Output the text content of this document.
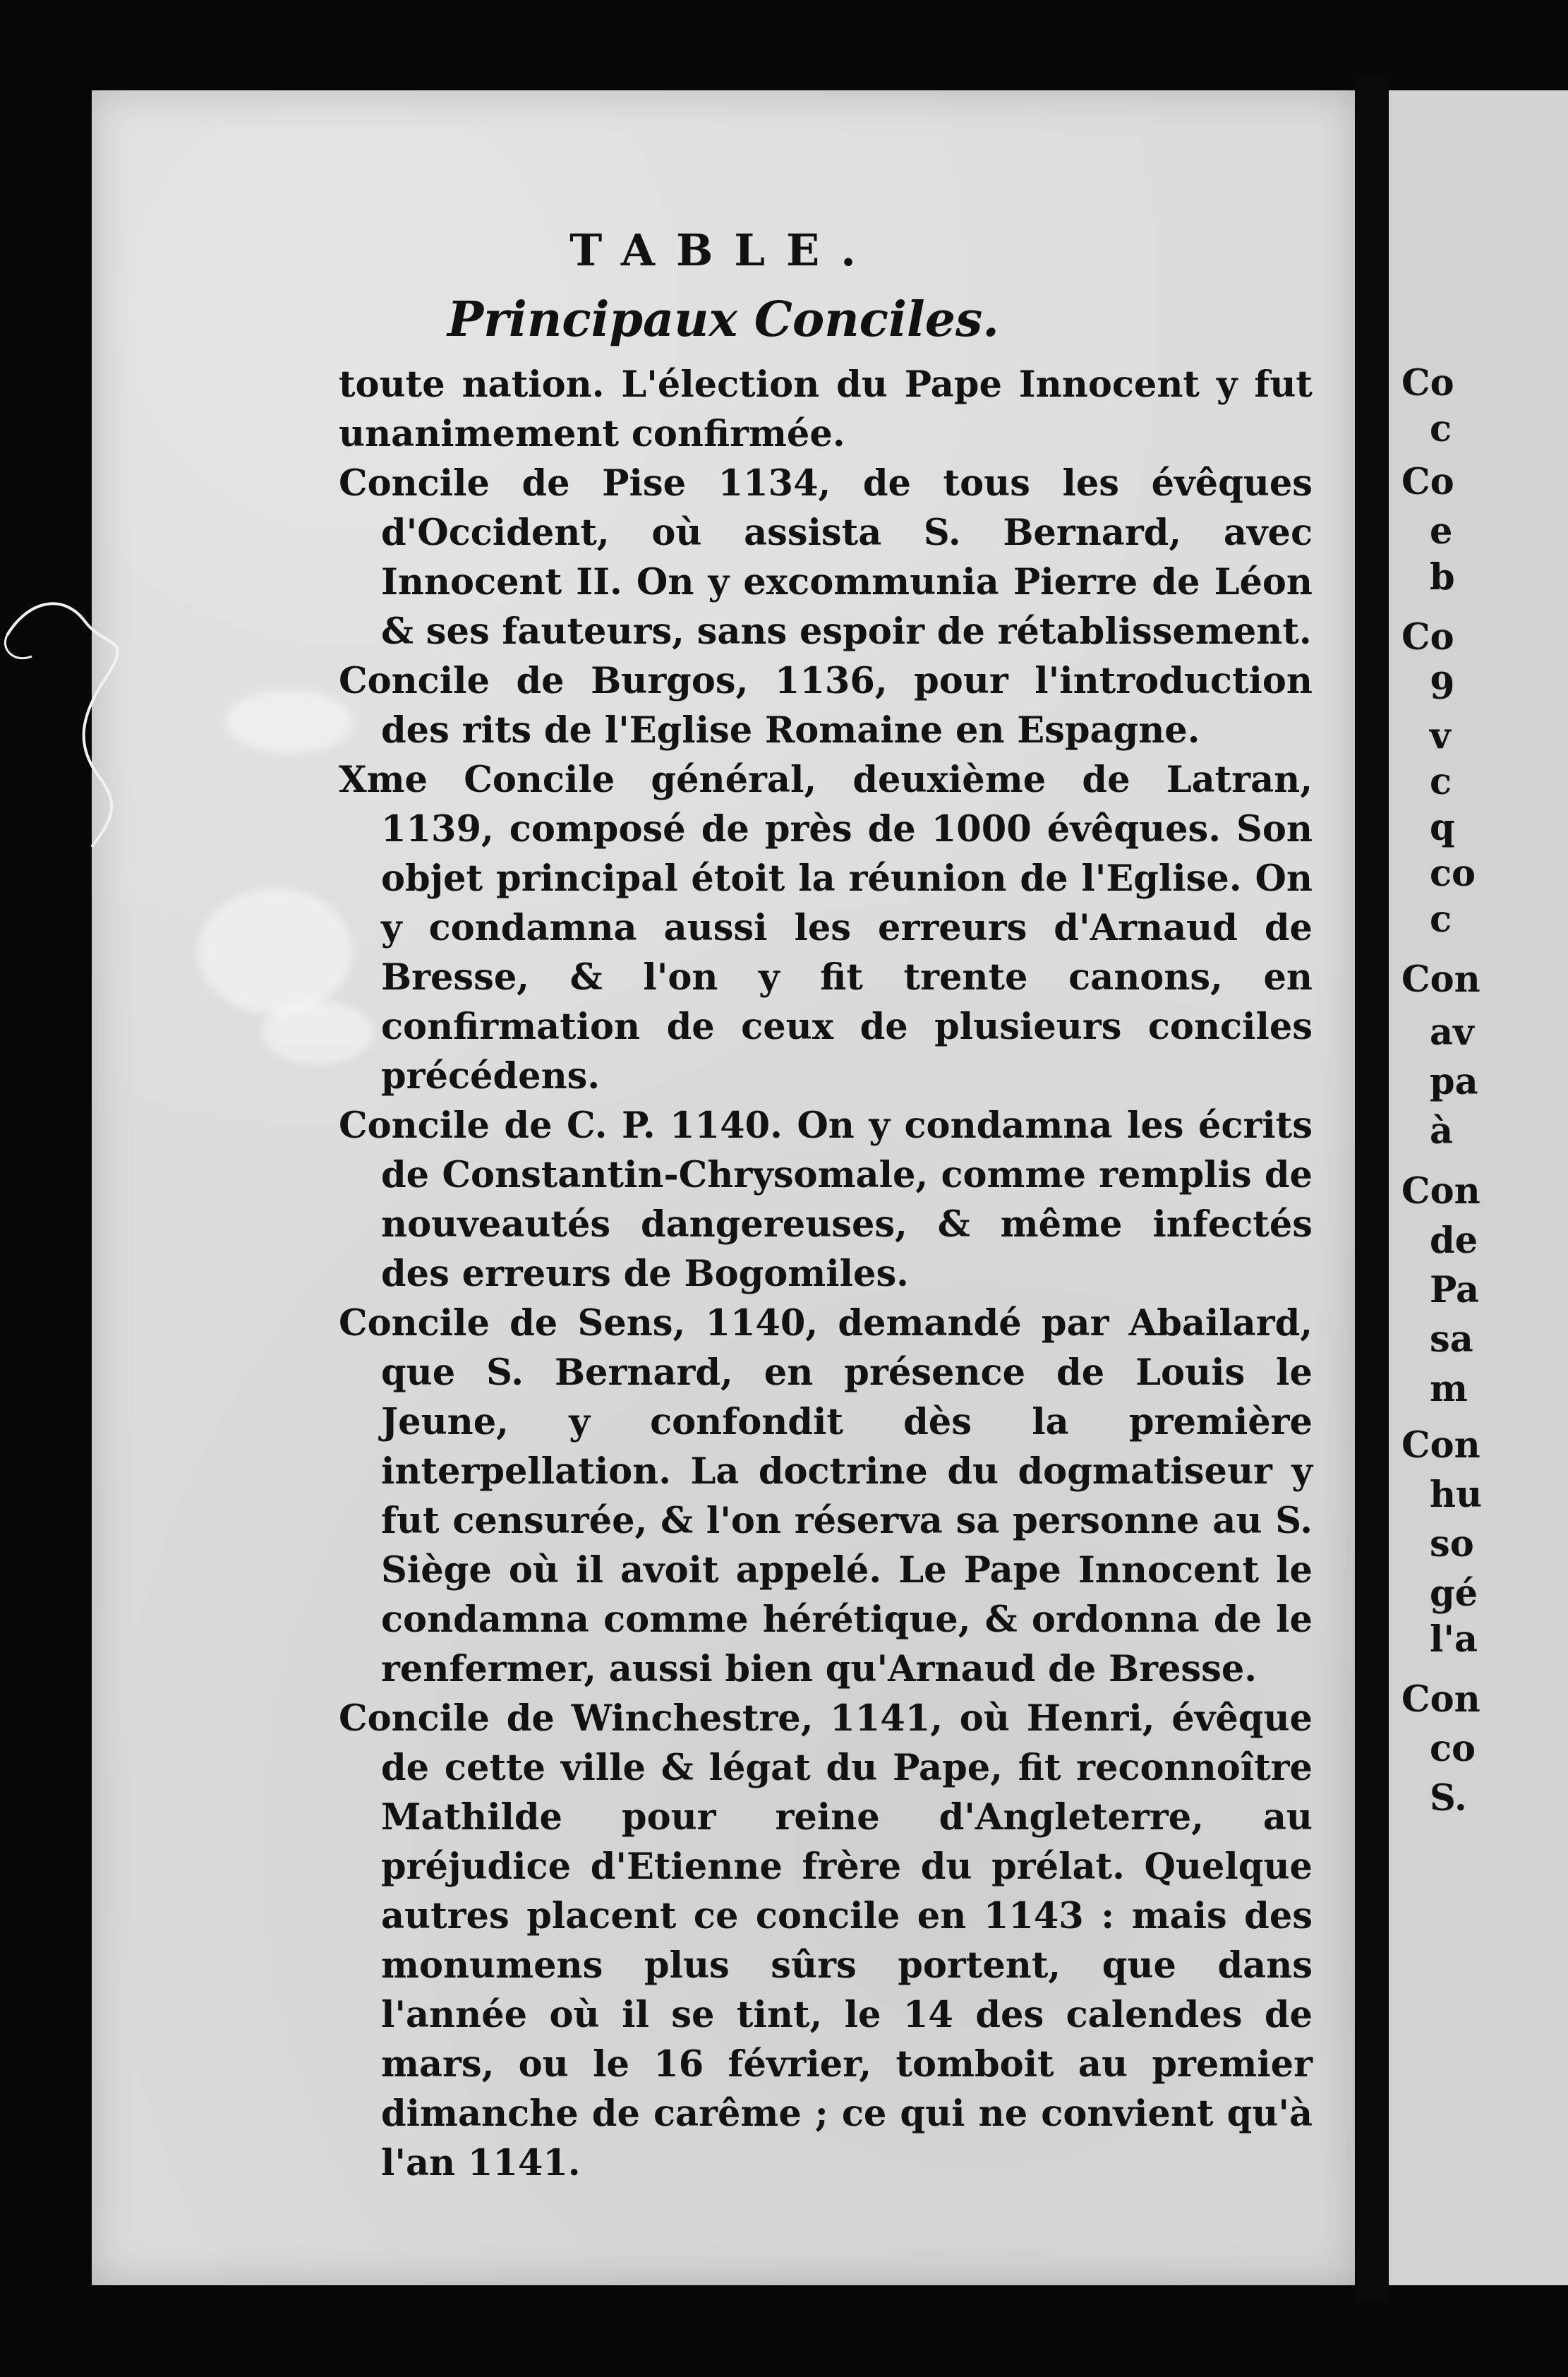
TABLE.
Principaux Conciles.

toute nation. L'élection du Pape Innocent y fut unanimement confirmée.

Concile de Pise 1134, de tous les évêques d'Occident, où assista S. Bernard, avec Innocent II. On y excommunia Pierre de Léon & ses fauteurs, sans espoir de rétablissement.

Concile de Burgos, 1136, pour l'introduction des rits de l'Eglise Romaine en Espagne.

Xme Concile général, deuxième de Latran, 1139, composé de près de 1000 évêques. Son objet principal étoit la réunion de l'Eglise. On y condamna aussi les erreurs d'Arnaud de Bresse, & l'on y fit trente canons, en confirmation de ceux de plusieurs conciles précédens.

Concile de C. P. 1140. On y condamna les écrits de Constantin-Chrysomale, comme remplis de nouveautés dangereuses, & même infectés des erreurs de Bogomiles.

Concile de Sens, 1140, demandé par Abailard, que S. Bernard, en présence de Louis le Jeune, y confondit dès la première interpellation. La doctrine du dogmatiseur y fut censurée, & l'on réserva sa personne au S. Siège où il avoit appelé. Le Pape Innocent le condamna comme hérétique, & ordonna de le renfermer, aussi bien qu'Arnaud de Bresse.

Concile de Winchestre, 1141, où Henri, évêque de cette ville & légat du Pape, fit reconnoître Mathilde pour reine d'Angleterre, au préjudice d'Etienne frère du prélat. Quelque autres placent ce concile en 1143 : mais des monumens plus sûrs portent, que dans l'année où il se tint, le 14 des calendes de mars, ou le 16 février, tomboit au premier dimanche de carême ; ce qui ne convient qu'à l'an 1141.

Co
c
Co
e
b
Co
9
v
c
q
co
c
Con
av
pa
à
Con
de
Pa
sa
m
Con
hu
so
gé
l'a
Con
co
S.
